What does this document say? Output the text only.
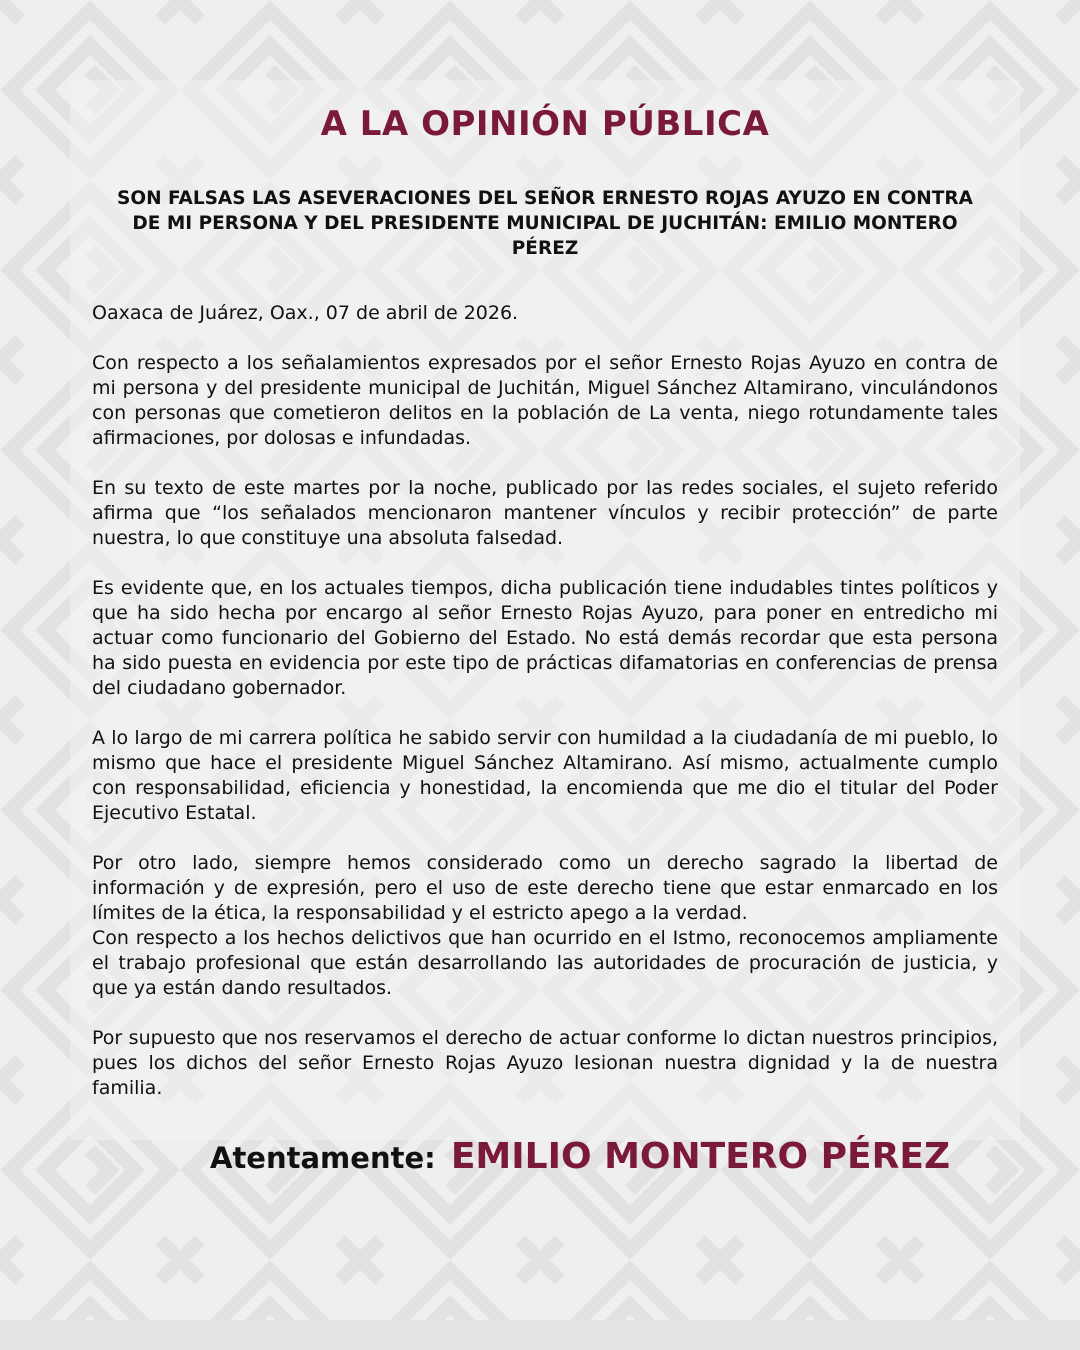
A LA OPINIÓN PÚBLICA
SON FALSAS LAS ASEVERACIONES DEL SEÑOR ERNESTO ROJAS AYUZO EN CONTRA DE MI PERSONA Y DEL PRESIDENTE MUNICIPAL DE JUCHITÁN: EMILIO MONTERO PÉREZ
Oaxaca de Juárez, Oax., 07 de abril de 2026.
Con respecto a los señalamientos expresados por el señor Ernesto Rojas Ayuzo en contra de mi persona y del presidente municipal de Juchitán, Miguel Sánchez Altamirano, vinculándonos con personas que cometieron delitos en la población de La venta, niego rotundamente tales afirmaciones, por dolosas e infundadas.
En su texto de este martes por la noche, publicado por las redes sociales, el sujeto referido afirma que “los señalados mencionaron mantener vínculos y recibir protección” de parte nuestra, lo que constituye una absoluta falsedad.
Es evidente que, en los actuales tiempos, dicha publicación tiene indudables tintes políticos y que ha sido hecha por encargo al señor Ernesto Rojas Ayuzo, para poner en entredicho mi actuar como funcionario del Gobierno del Estado. No está demás recordar que esta persona ha sido puesta en evidencia por este tipo de prácticas difamatorias en conferencias de prensa del ciudadano gobernador.
A lo largo de mi carrera política he sabido servir con humildad a la ciudadanía de mi pueblo, lo mismo que hace el presidente Miguel Sánchez Altamirano. Así mismo, actualmente cumplo con responsabilidad, eficiencia y honestidad, la encomienda que me dio el titular del Poder Ejecutivo Estatal.
Por otro lado, siempre hemos considerado como un derecho sagrado la libertad de información y de expresión, pero el uso de este derecho tiene que estar enmarcado en los límites de la ética, la responsabilidad y el estricto apego a la verdad.
Con respecto a los hechos delictivos que han ocurrido en el Istmo, reconocemos ampliamente el trabajo profesional que están desarrollando las autoridades de procuración de justicia, y que ya están dando resultados.
Por supuesto que nos reservamos el derecho de actuar conforme lo dictan nuestros principios, pues los dichos del señor Ernesto Rojas Ayuzo lesionan nuestra dignidad y la de nuestra familia.
Atentamente: EMILIO MONTERO PÉREZ
